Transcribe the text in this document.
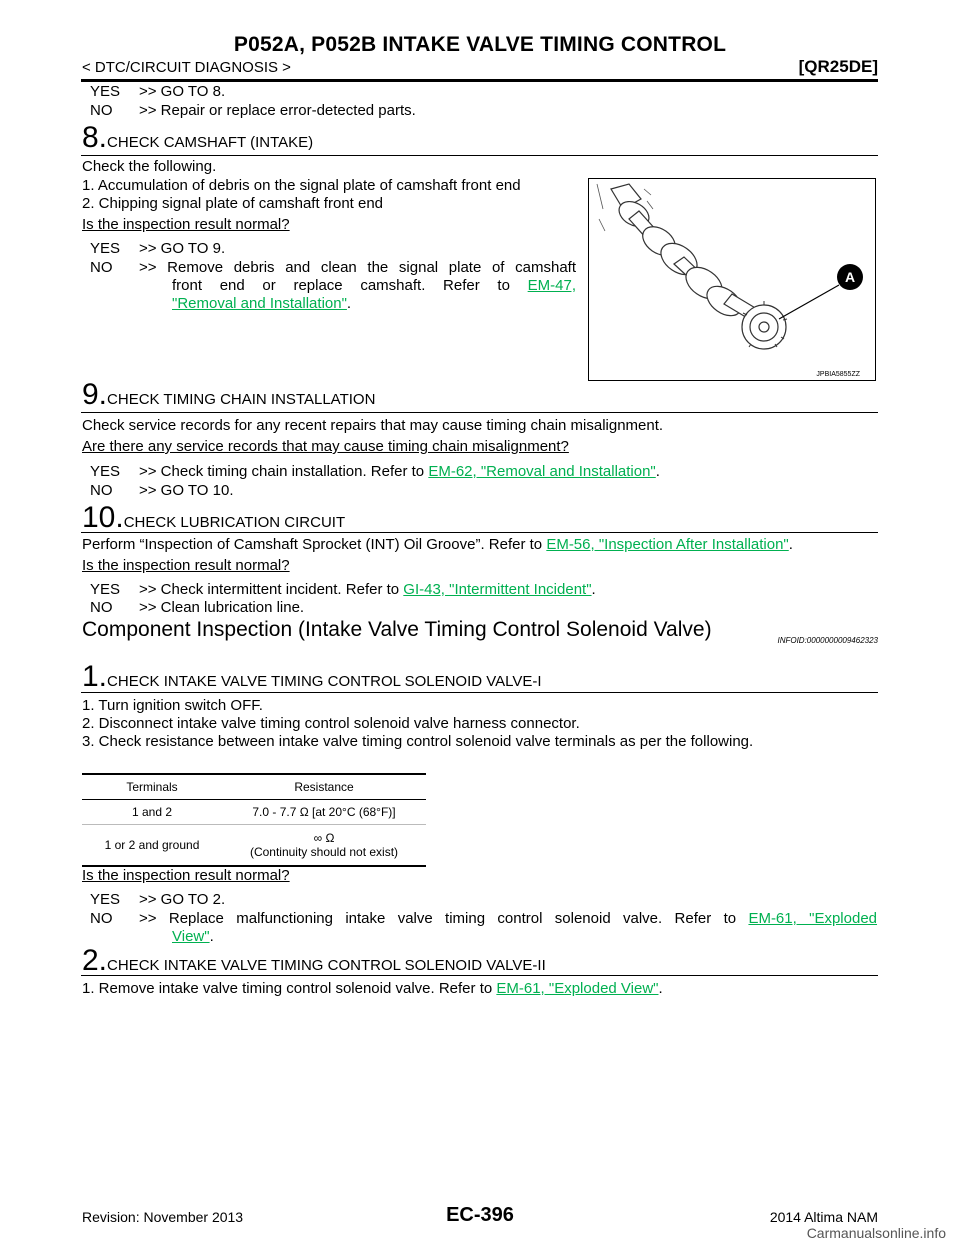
P052A, P052B INTAKE VALVE TIMING CONTROL
< DTC/CIRCUIT DIAGNOSIS >	[QR25DE]
YES >> GO TO 8.
NO >> Repair or replace error-detected parts.
8.CHECK CAMSHAFT (INTAKE)
Check the following.
1. Accumulation of debris on the signal plate of camshaft front end
2. Chipping signal plate of camshaft front end
Is the inspection result normal?
YES >> GO TO 9.
NO >> Remove debris and clean the signal plate of camshaft
front end or replace camshaft. Refer to EM-47,
"Removal and Installation".
A
JPBIA5855ZZ
9.CHECK TIMING CHAIN INSTALLATION
Check service records for any recent repairs that may cause timing chain misalignment.
Are there any service records that may cause timing chain misalignment?
YES >> Check timing chain installation. Refer to EM-62, "Removal and Installation".
NO >> GO TO 10.
10.CHECK LUBRICATION CIRCUIT
Perform “Inspection of Camshaft Sprocket (INT) Oil Groove”. Refer to EM-56, "Inspection After Installation".
Is the inspection result normal?
YES >> Check intermittent incident. Refer to GI-43, "Intermittent Incident".
NO >> Clean lubrication line.
Component Inspection (Intake Valve Timing Control Solenoid Valve)	INFOID:0000000009462323
1.CHECK INTAKE VALVE TIMING CONTROL SOLENOID VALVE-I
1. Turn ignition switch OFF.
2. Disconnect intake valve timing control solenoid valve harness connector.
3. Check resistance between intake valve timing control solenoid valve terminals as per the following.
Terminals	Resistance
1 and 2	7.0 - 7.7 Ω [at 20°C (68°F)]
1 or 2 and ground	∞ Ω
(Continuity should not exist)
Is the inspection result normal?
YES >> GO TO 2.
NO >> Replace malfunctioning intake valve timing control solenoid valve. Refer to EM-61, "Exploded
View".
2.CHECK INTAKE VALVE TIMING CONTROL SOLENOID VALVE-II
1. Remove intake valve timing control solenoid valve. Refer to EM-61, "Exploded View".
Revision: November 2013	EC-396	2014 Altima NAM
Carmanualsonline.info
